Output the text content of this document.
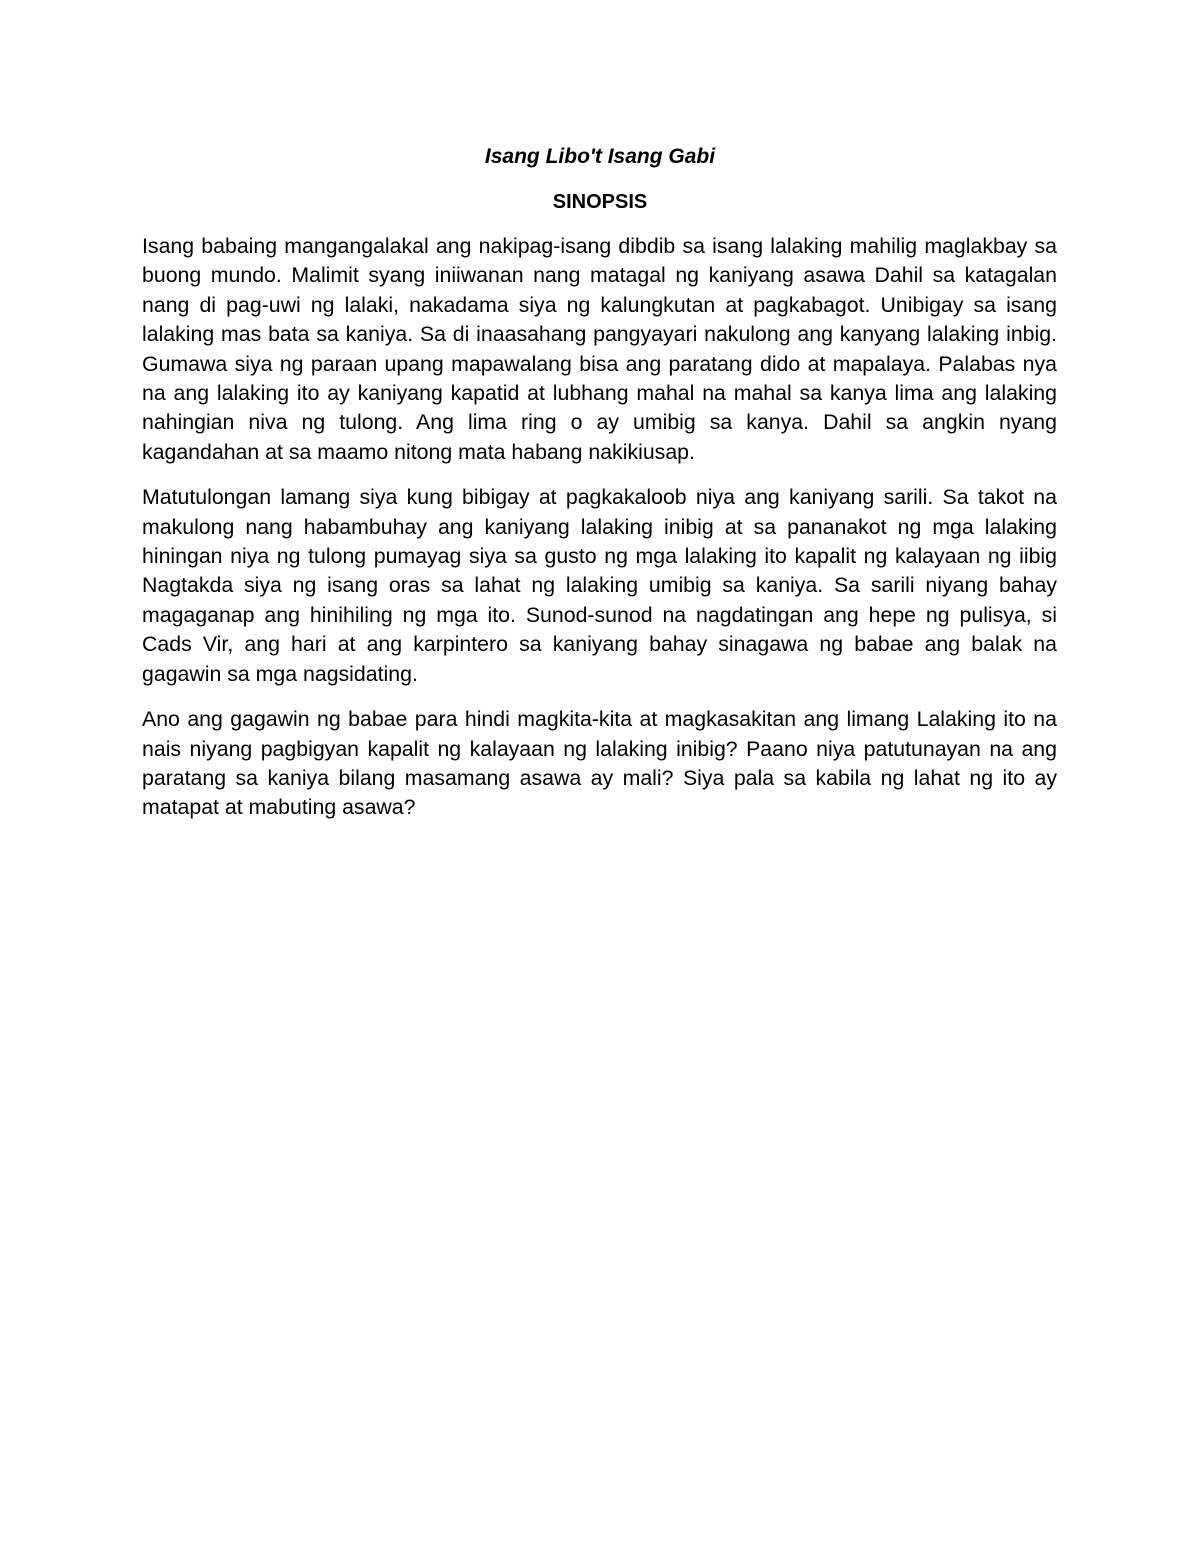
Isang Libo't Isang Gabi
SINOPSIS

Isang babaing mangangalakal ang nakipag-isang dibdib sa isang lalaking mahilig maglakbay sa buong mundo. Malimit syang iniiwanan nang matagal ng kaniyang asawa Dahil sa katagalan nang di pag-uwi ng lalaki, nakadama siya ng kalungkutan at pagkabagot. Unibigay sa isang lalaking mas bata sa kaniya. Sa di inaasahang pangyayari nakulong ang kanyang lalaking inbig. Gumawa siya ng paraan upang mapawalang bisa ang paratang dido at mapalaya. Palabas nya na ang lalaking ito ay kaniyang kapatid at lubhang mahal na mahal sa kanya lima ang lalaking nahingian niva ng tulong. Ang lima ring o ay umibig sa kanya. Dahil sa angkin nyang kagandahan at sa maamo nitong mata habang nakikiusap.

Matutulongan lamang siya kung bibigay at pagkakaloob niya ang kaniyang sarili. Sa takot na makulong nang habambuhay ang kaniyang lalaking inibig at sa pananakot ng mga lalaking hiningan niya ng tulong pumayag siya sa gusto ng mga lalaking ito kapalit ng kalayaan ng iibig Nagtakda siya ng isang oras sa lahat ng lalaking umibig sa kaniya. Sa sarili niyang bahay magaganap ang hinihiling ng mga ito. Sunod-sunod na nagdatingan ang hepe ng pulisya, si Cads Vir, ang hari at ang karpintero sa kaniyang bahay sinagawa ng babae ang balak na gagawin sa mga nagsidating.

Ano ang gagawin ng babae para hindi magkita-kita at magkasakitan ang limang Lalaking ito na nais niyang pagbigyan kapalit ng kalayaan ng lalaking inibig? Paano niya patutunayan na ang paratang sa kaniya bilang masamang asawa ay mali? Siya pala sa kabila ng lahat ng ito ay matapat at mabuting asawa?
